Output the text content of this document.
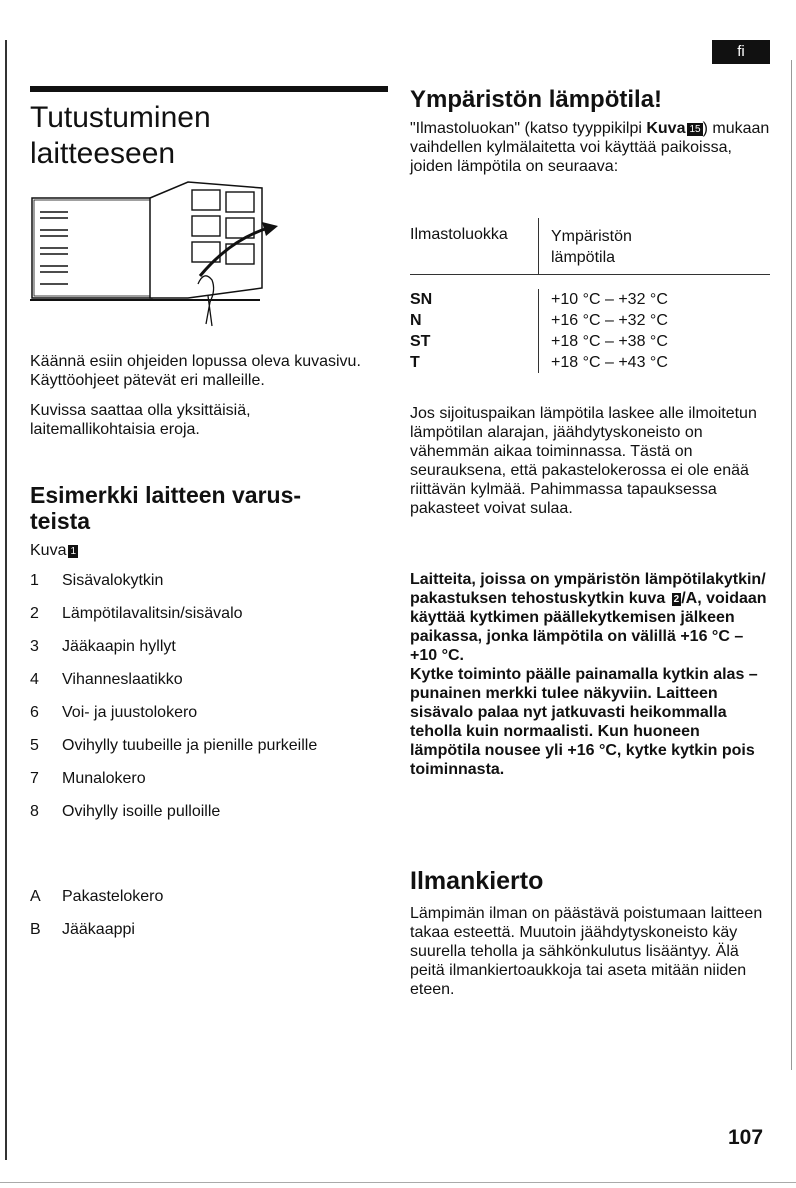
fi
Tutustuminen
laitteeseen

Käännä esiin ohjeiden lopussa oleva kuvasivu. Käyttöohjeet pätevät eri malleille.

Kuvissa saattaa olla yksittäisiä, laitemallikohtaisia eroja.

Esimerkki laitteen varus-
teista
Kuva 1
1	Sisävalokytkin
2	Lämpötilavalitsin/sisävalo
3	Jääkaapin hyllyt
4	Vihanneslaatikko
6	Voi- ja juustolokero
5	Ovihylly tuubeille ja pienille purkeille
7	Munalokero
8	Ovihylly isoille pulloille
A	Pakastelokero
B	Jääkaappi
Ympäristön lämpötila!

"Ilmastoluokan" (katso tyyppikilpi Kuva 15 ) mukaan vaihdellen kylmälaitetta voi käyttää paikoissa, joiden lämpötila on seuraava:

Ilmastoluokka	Ympäristön
lämpötila

SN	+10 °C – +32 °C
N	+16 °C – +32 °C
ST	+18 °C – +38 °C
T	+18 °C – +43 °C

Jos sijoituspaikan lämpötila laskee alle ilmoitetun lämpötilan alarajan, jäähdytyskoneisto on vähemmän aikaa toiminnassa. Tästä on seurauksena, että pakastelokerossa ei ole enää riittävän kylmää. Pahimmassa tapauksessa pakasteet voivat sulaa.

Laitteita, joissa on ympäristön lämpötilakytkin/ pakastuksen tehostuskytkin kuva 2 /A, voidaan käyttää kytkimen päällekytkemisen jälkeen paikassa, jonka lämpötila on välillä +16 °C – +10 °C.

Kytke toiminto päälle painamalla kytkin alas – punainen merkki tulee näkyviin. Laitteen sisävalo palaa nyt jatkuvasti heikommalla teholla kuin normaalisti. Kun huoneen lämpötila nousee yli +16 °C, kytke kytkin pois toiminnasta.

Ilmankierto

Lämpimän ilman on päästävä poistumaan laitteen takaa esteettä. Muutoin jäähdytyskoneisto käy suurella teholla ja sähkönkulutus lisääntyy. Älä peitä ilmankiertoaukkoja tai aseta mitään niiden eteen.

107
